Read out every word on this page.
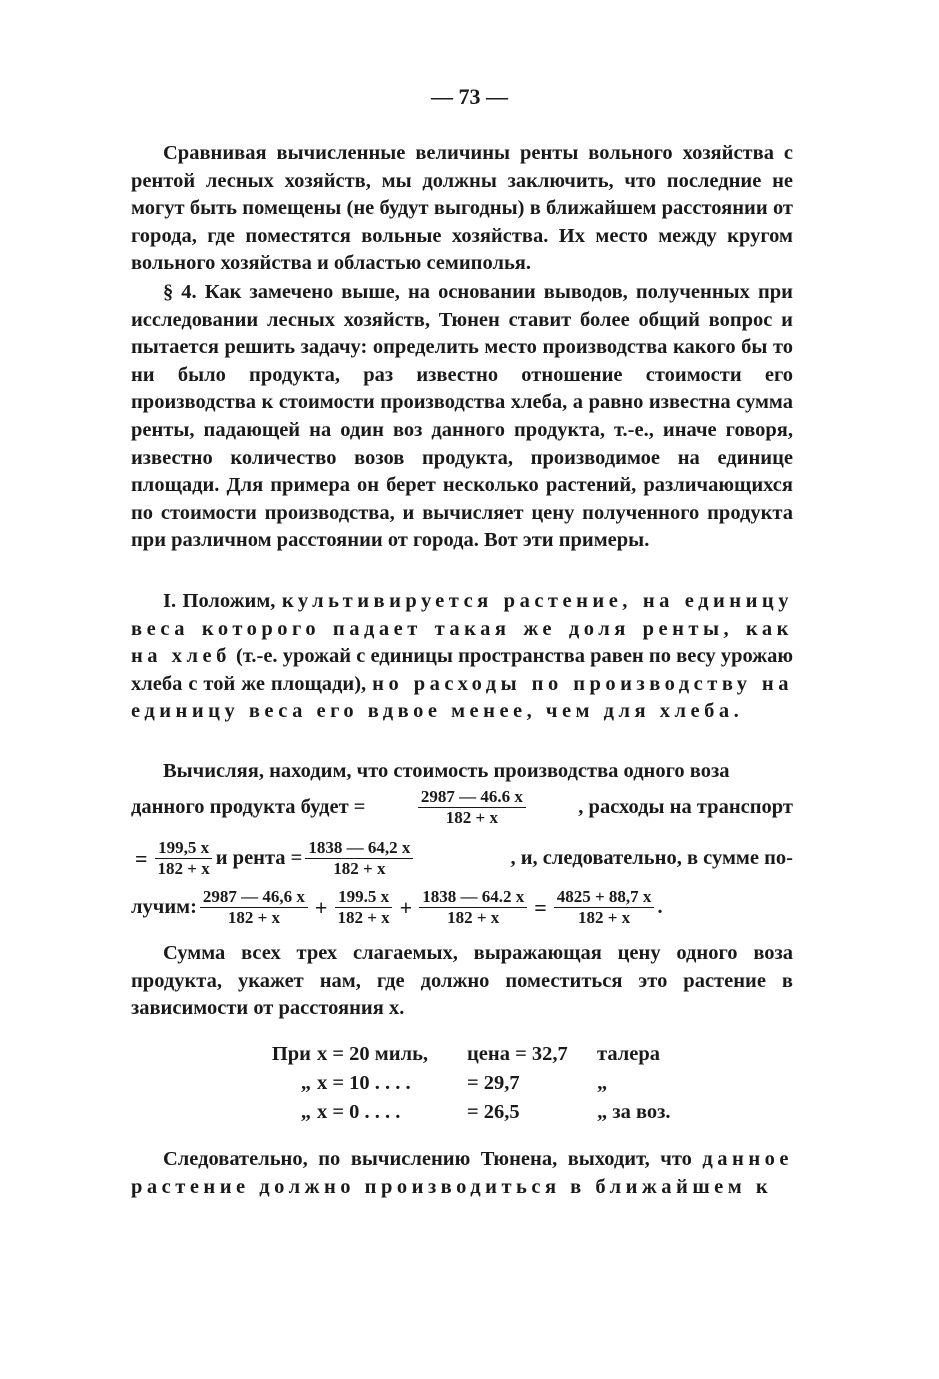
— 73 —

Сравнивая вычисленные величины ренты вольного хозяйства с рентой лесных хозяйств, мы должны заключить, что последние не могут быть помещены (не будут выгодны) в ближайшем расстоянии от города, где поместятся вольные хозяйства. Их место между кругом вольного хозяйства и областью семиполья.

§ 4. Как замечено выше, на основании выводов, полученных при исследовании лесных хозяйств, Тюнен ставит более общий вопрос и пытается решить задачу: определить место производства какого бы то ни было продукта, раз известно отношение стоимости его производства к стоимости производства хлеба, а равно известна сумма ренты, падающей на один воз данного продукта, т.-е., иначе говоря, известно количество возов продукта, производимое на единице площади. Для примера он берет несколько растений, различающихся по стоимости производства, и вычисляет цену полученного продукта при различном расстоянии от города. Вот эти примеры.

I. Положим, культивируется растение, на единицу веса которого падает такая же доля ренты, как на хлеб (т.-е. урожай с единицы пространства равен по весу урожаю хлеба с той же площади), но расходы по производству на единицу веса его вдвое менее, чем для хлеба.

Вычисляя, находим, что стоимость производства одного воза

данного продукта будет =	$\frac{2987 — 46.6 x}{182 + x}$	, расходы на транспорт
= $\frac{199,5 x}{182 + x}$ и рента = $\frac{1838 — 64,2 x}{182 + x}$	, и, следовательно, в сумме по-
лучим: $\frac{2987 — 46,6 x}{182 + x} + \frac{199.5 x}{182 + x} + \frac{1838 — 64.2 x}{182 + x} = \frac{4825 + 88,7 x}{182 + x}$ .

Сумма всех трех слагаемых, выражающая цену одного воза продукта, укажет нам, где должно поместиться это растение в зависимости от расстояния x.

При x = 20 миль,	цена = 32,7	талера
„ x = 10 . . . .	= 29,7	„
„ x = 0 . . . .	= 26,5	„ за воз.

Следовательно, по вычислению Тюнена, выходит, что данное растение должно производиться в ближайшем к
